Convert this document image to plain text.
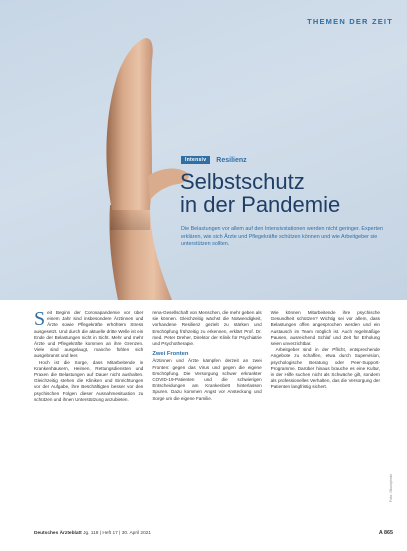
THEMEN DER ZEIT
Intensiv	Resilienz
Selbstschutz
in der Pandemie

Die Belastungen vor allem auf den Intensivstationen werden nicht geringer. Experten erklären, wie sich Ärzte und Pflegekräfte schützen können und wie Arbeitgeber sie unterstützen sollten.

Foto: iStockphoto

Seit Beginn der Coronapandemie vor über einem Jahr sind insbesondere Ärztinnen und Ärzte sowie Pflegekräfte erhöhtem Stress ausgesetzt. Und durch die aktuelle dritte Welle ist ein Ende der Belastungen nicht in Sicht. Mehr und mehr Ärzte und Pflegekräfte kommen an ihre Grenzen. Viele sind ausgelaugt, manche fühlen sich ausgebrannt und leer.

Hoch ist die Sorge, dass Mitarbeitende in Krankenhäusern, Heimen, Rettungsdiensten und Praxen die Belastungen auf Dauer nicht aushalten. Gleichzeitig stehen die Kliniken und Einrichtungen vor der Aufgabe, ihre Beschäftigten besser vor den psychischen Folgen dieser Ausnahmesituation zu schützen und ihnen Unterstützung anzubieten.

rena-Gesellschaft von Menschen, die mehr geben als sie können. Gleichzeitig wächst die Notwendigkeit, vorhandene Resilienz gezielt zu stärken und Erschöpfung frühzeitig zu erkennen, erklärt Prof. Dr. med. Peter Dreher, Direktor der Klinik für Psychiatrie und Psychotherapie.

Zwei Fronten

Ärztinnen und Ärzte kämpfen derzeit an zwei Fronten: gegen das Virus und gegen die eigene Erschöpfung. Die Versorgung schwer erkrankter COVID-19-Patienten und die schwierigen Entscheidungen am Krankenbett hinterlassen Spuren. Dazu kommen Angst vor Ansteckung und Sorge um die eigene Familie.

Wie können Mitarbeitende ihre psychische Gesundheit schützen? Wichtig sei vor allem, dass Belastungen offen angesprochen werden und ein Austausch im Team möglich ist. Auch regelmäßige Pausen, ausreichend Schlaf und Zeit für Erholung seien unverzichtbar.

Arbeitgeber sind in der Pflicht, entsprechende Angebote zu schaffen, etwa durch Supervision, psychologische Beratung oder Peer-Support-Programme. Darüber hinaus brauche es eine Kultur, in der Hilfe suchen nicht als Schwäche gilt, sondern als professionelles Verhalten, das die Versorgung der Patienten langfristig sichert.

Deutsches Ärzteblatt Jg. 118 | Heft 17 | 30. April 2021	A 865
